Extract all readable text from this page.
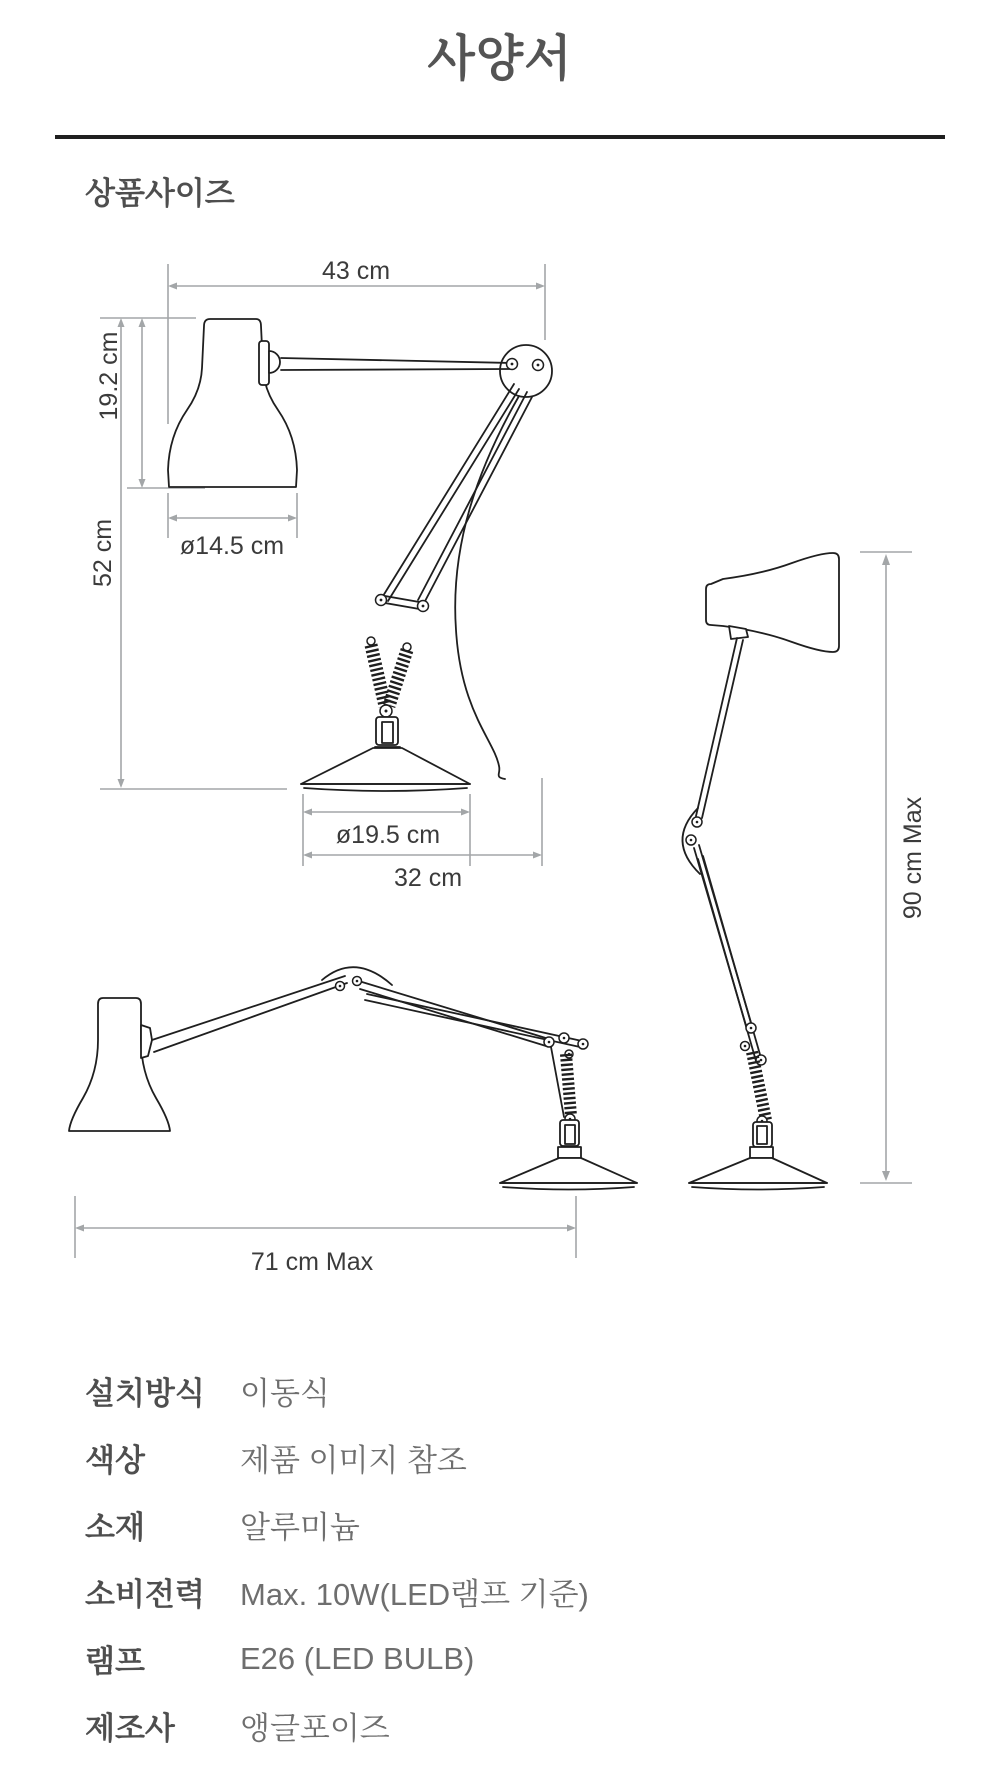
사양서
상품사이즈
43 cm
19.2 cm
52 cm	ø14.5 cm
ø19.5 cm
32 cm
71 cm Max
90 cm Max
설치방식	이동식
색상	제품 이미지 참조
소재	알루미늄
소비전력	Max. 10W(LED램프 기준)
램프	E26 (LED BULB)
제조사	앵글포이즈
